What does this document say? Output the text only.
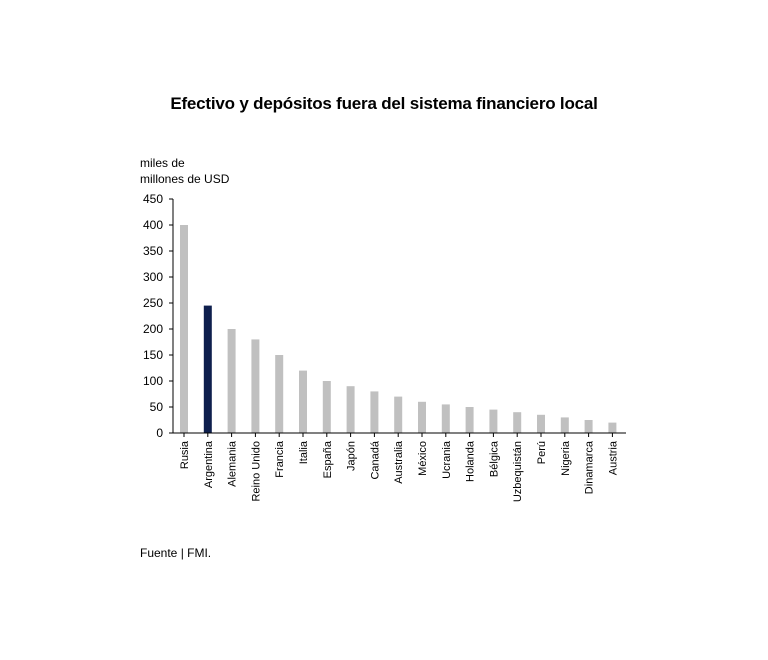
Efectivo y depósitos fuera del sistema financiero local
miles de
millones de USD
0
50
100
150
200
250
300
350
400
450
Rusia Argentina Alemania Reino Unido Francia Italia España Japón Canadá Australia México Ucrania Holanda Bélgica Uzbequistán Perú Nigeria Dinamarca Austria
Fuente | FMI.
